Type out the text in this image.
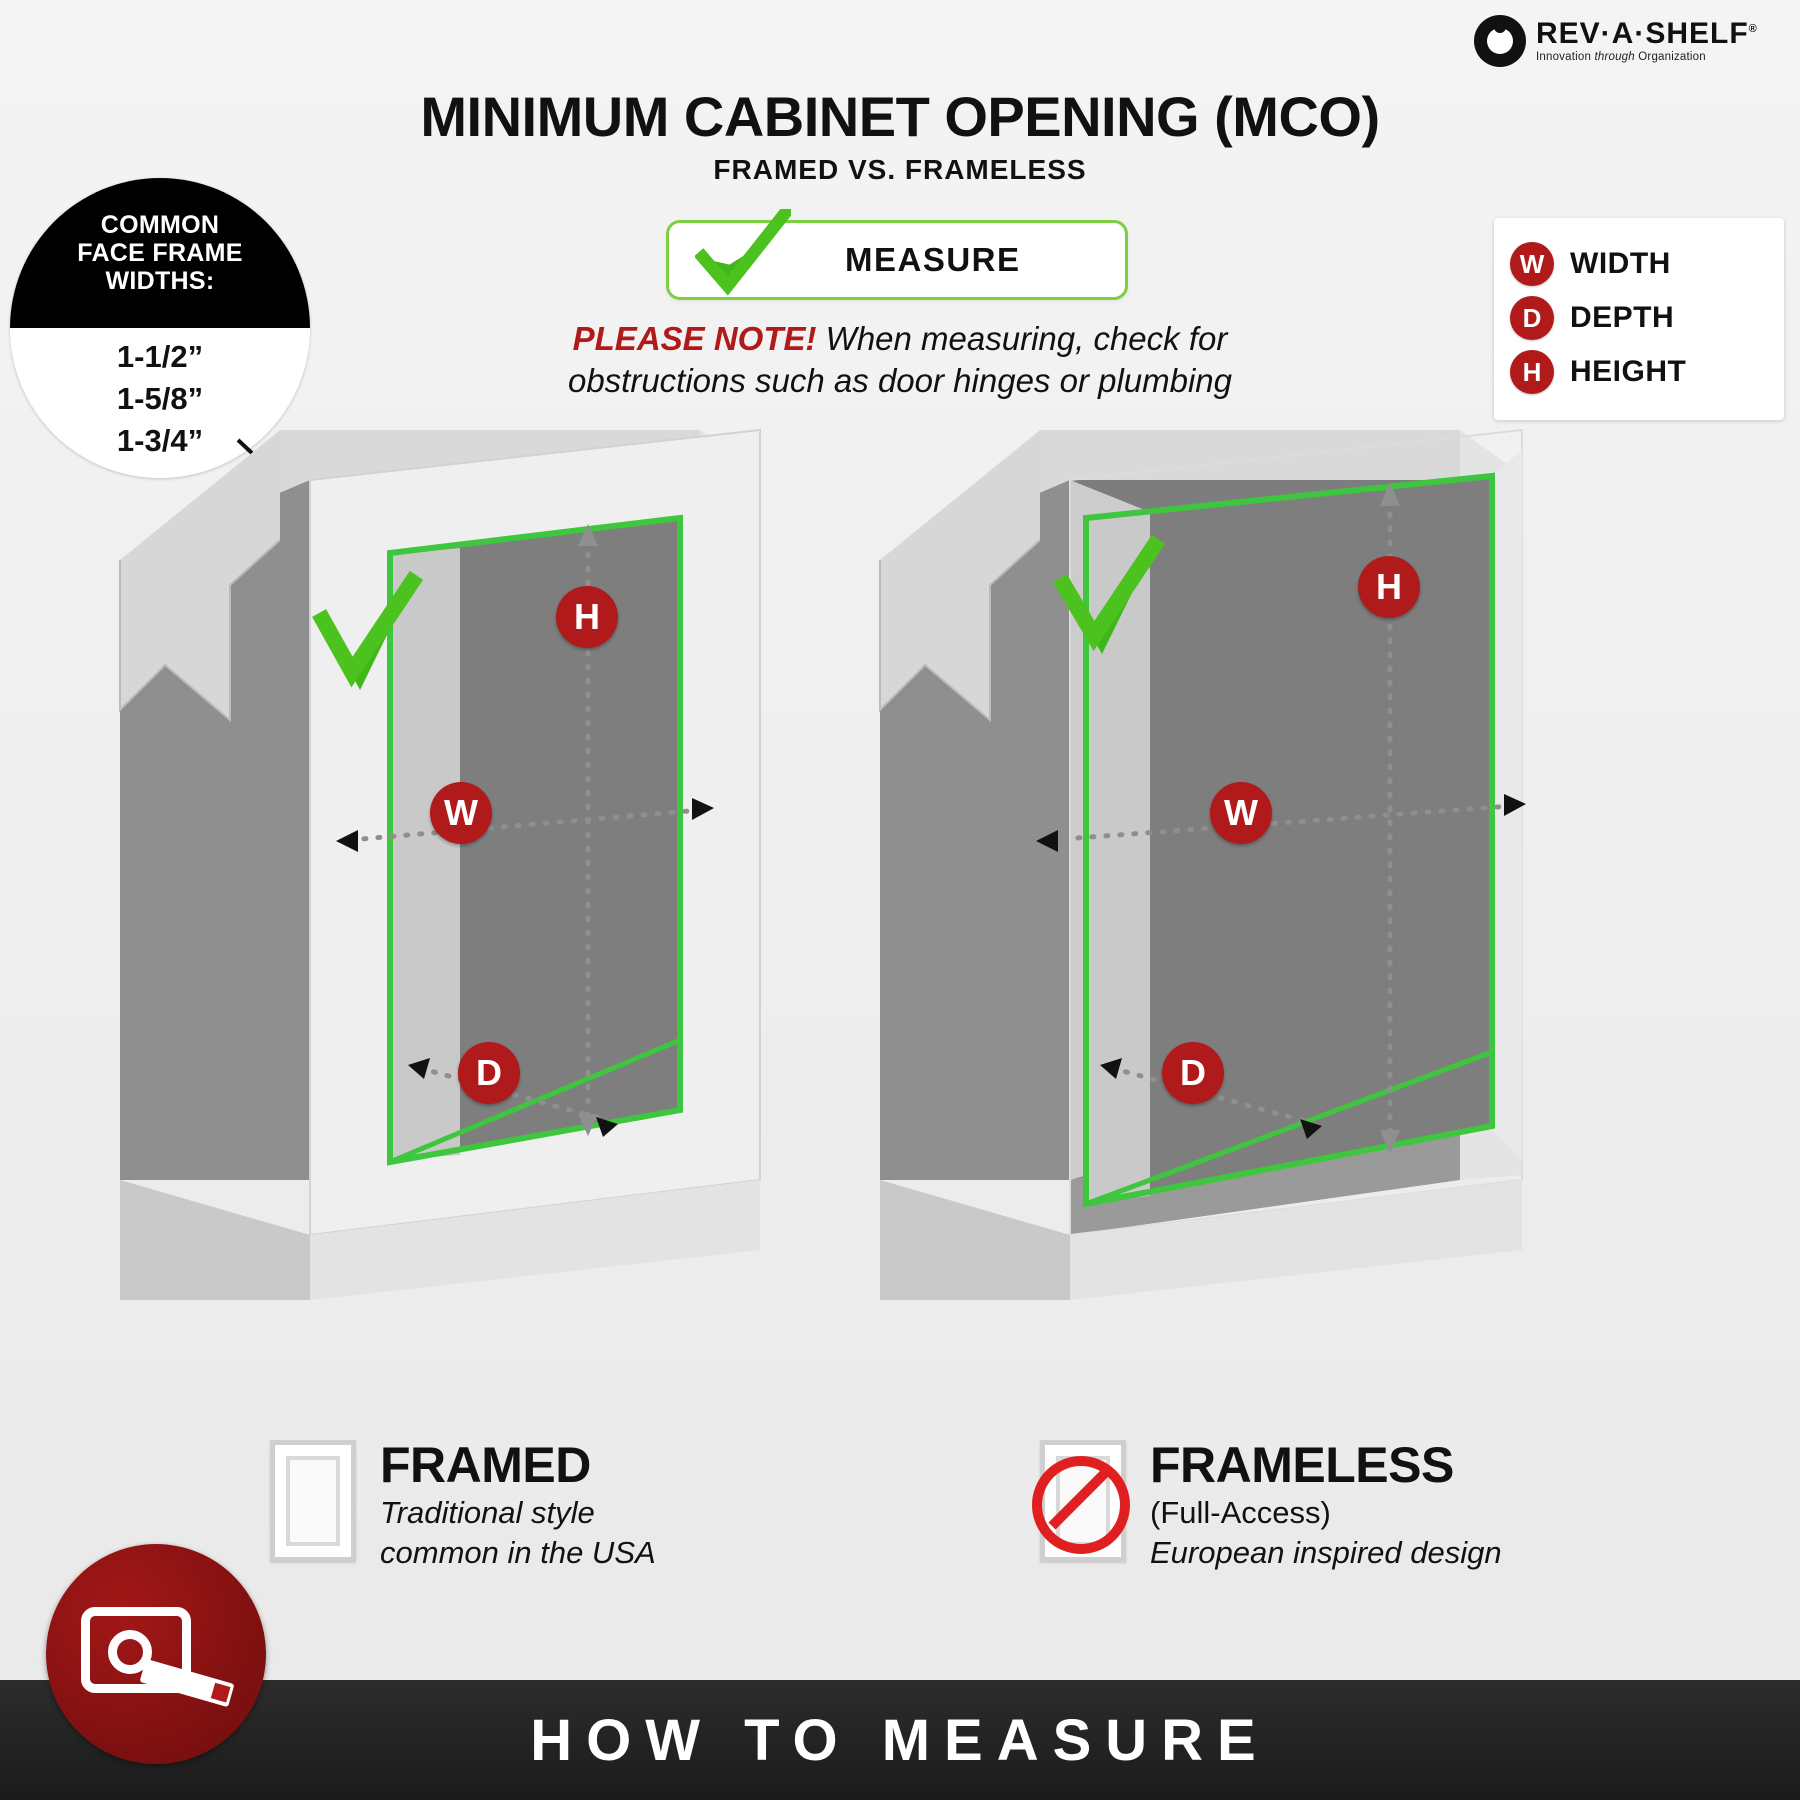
REV·A·SHELF®
Innovation through Organization
MINIMUM CABINET OPENING (MCO)
FRAMED VS. FRAMELESS
MEASURE
PLEASE NOTE! When measuring, check for
obstructions such as door hinges or plumbing
COMMON
FACE FRAME
WIDTHS:
1-1/2”
1-5/8”
1-3/4”
W WIDTH
D DEPTH
H HEIGHT
H
W
D
H
W
D
FRAMED
Traditional style
common in the USA
FRAMELESS
(Full-Access)
European inspired design
HOW TO MEASURE
